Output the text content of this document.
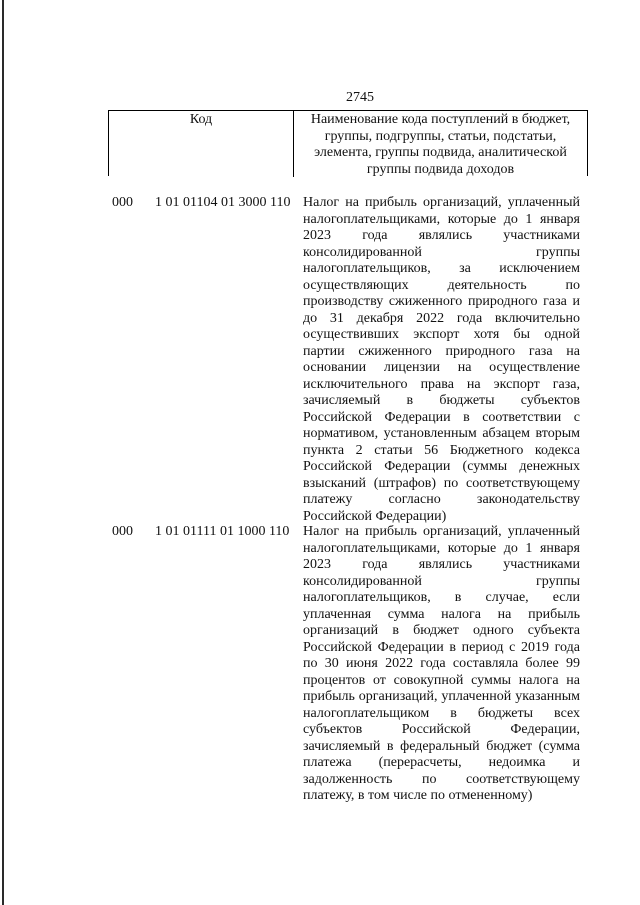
2745
Код	Наименование кода поступлений в бюджет, группы, подгруппы, статьи, подстатьи, элемента, группы подвида, аналитической группы подвида доходов
000 1 01 01104 01 3000 110 Налог на прибыль организаций, уплаченный налогоплательщиками, которые до 1 января 2023 года являлись участниками консолидированной группы налогоплательщиков, за исключением осуществляющих деятельность по производству сжиженного природного газа и до 31 декабря 2022 года включительно осуществивших экспорт хотя бы одной партии сжиженного природного газа на основании лицензии на осуществление исключительного права на экспорт газа, зачисляемый в бюджеты субъектов Российской Федерации в соответствии с нормативом, установленным абзацем вторым пункта 2 статьи 56 Бюджетного кодекса Российской Федерации (суммы денежных взысканий (штрафов) по соответствующему платежу согласно законодательству Российской Федерации)
000 1 01 01111 01 1000 110 Налог на прибыль организаций, уплаченный налогоплательщиками, которые до 1 января 2023 года являлись участниками консолидированной группы налогоплательщиков, в случае, если уплаченная сумма налога на прибыль организаций в бюджет одного субъекта Российской Федерации в период с 2019 года по 30 июня 2022 года составляла более 99 процентов от совокупной суммы налога на прибыль организаций, уплаченной указанным налогоплательщиком в бюджеты всех субъектов Российской Федерации, зачисляемый в федеральный бюджет (сумма платежа (перерасчеты, недоимка и задолженность по соответствующему платежу, в том числе по отмененному)
